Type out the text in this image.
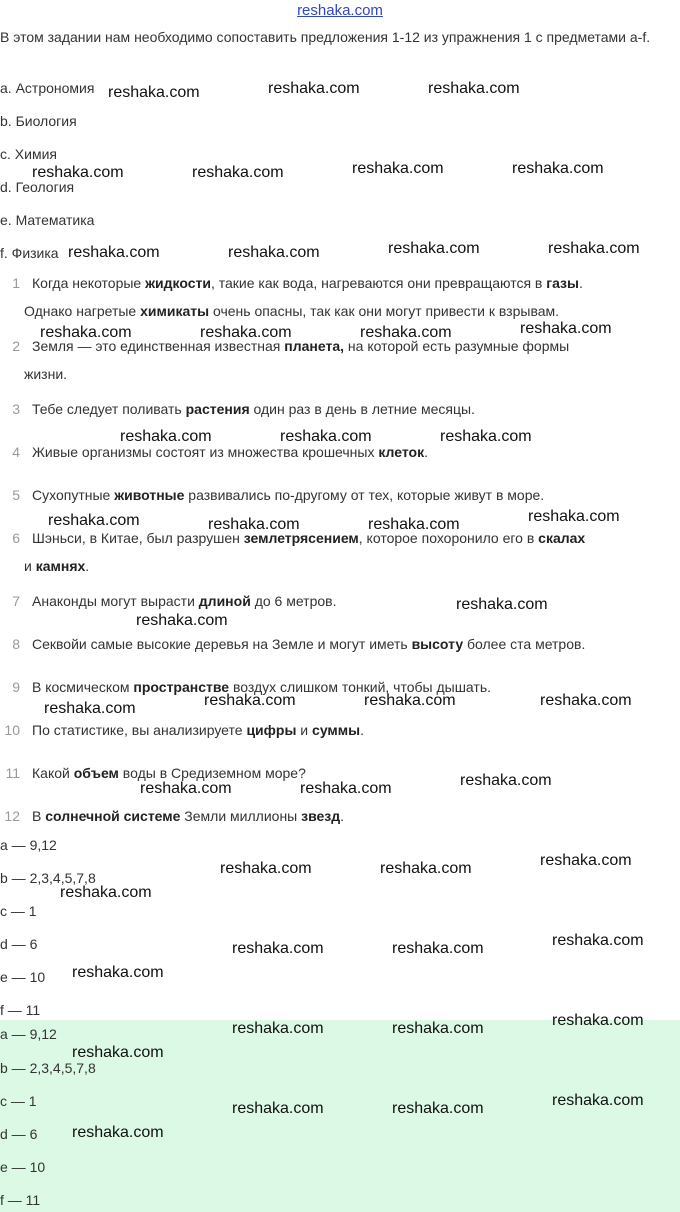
reshaka.com
В этом задании нам необходимо сопоставить предложения 1-12 из упражнения 1 с предметами a-f.
a. Астрономия
b. Биология
c. Химия
d. Геология
e. Математика
f. Физика
1 Когда некоторые жидкости, такие как вода, нагреваются они превращаются в газы.
Однако нагретые химикаты очень опасны, так как они могут привести к взрывам.
2 Земля — это единственная известная планета, на которой есть разумные формы
жизни.
3 Тебе следует поливать растения один раз в день в летние месяцы.
4 Живые организмы состоят из множества крошечных клеток.
5 Сухопутные животные развивались по-другому от тех, которые живут в море.
6 Шэньси, в Китае, был разрушен землетрясением, которое похоронило его в скалах
и камнях.
7 Анаконды могут вырасти длиной до 6 метров.
8 Секвойи самые высокие деревья на Земле и могут иметь высоту более ста метров.
9 В космическом пространстве воздух слишком тонкий, чтобы дышать.
10 По статистике, вы анализируете цифры и суммы.
11 Какой объем воды в Средиземном море?
12 В солнечной системе Земли миллионы звезд.
a — 9,12
b — 2,3,4,5,7,8
c — 1
d — 6
e — 10
f — 11
a — 9,12
b — 2,3,4,5,7,8
c — 1
d — 6
e — 10
f — 11
reshaka.com	reshaka.com	reshaka.com
reshaka.com	reshaka.com	reshaka.com	reshaka.com
reshaka.com	reshaka.com	reshaka.com	reshaka.com
reshaka.com	reshaka.com	reshaka.com	reshaka.com
reshaka.com	reshaka.com	reshaka.com
reshaka.com	reshaka.com	reshaka.com	reshaka.com
reshaka.com
reshaka.com
reshaka.com	reshaka.com	reshaka.com	reshaka.com
reshaka.com
reshaka.com	reshaka.com
reshaka.com
reshaka.com	reshaka.com
reshaka.com
reshaka.com
reshaka.com	reshaka.com
reshaka.com
reshaka.com
reshaka.com	reshaka.com
reshaka.com
reshaka.com
reshaka.com	reshaka.com
reshaka.com
